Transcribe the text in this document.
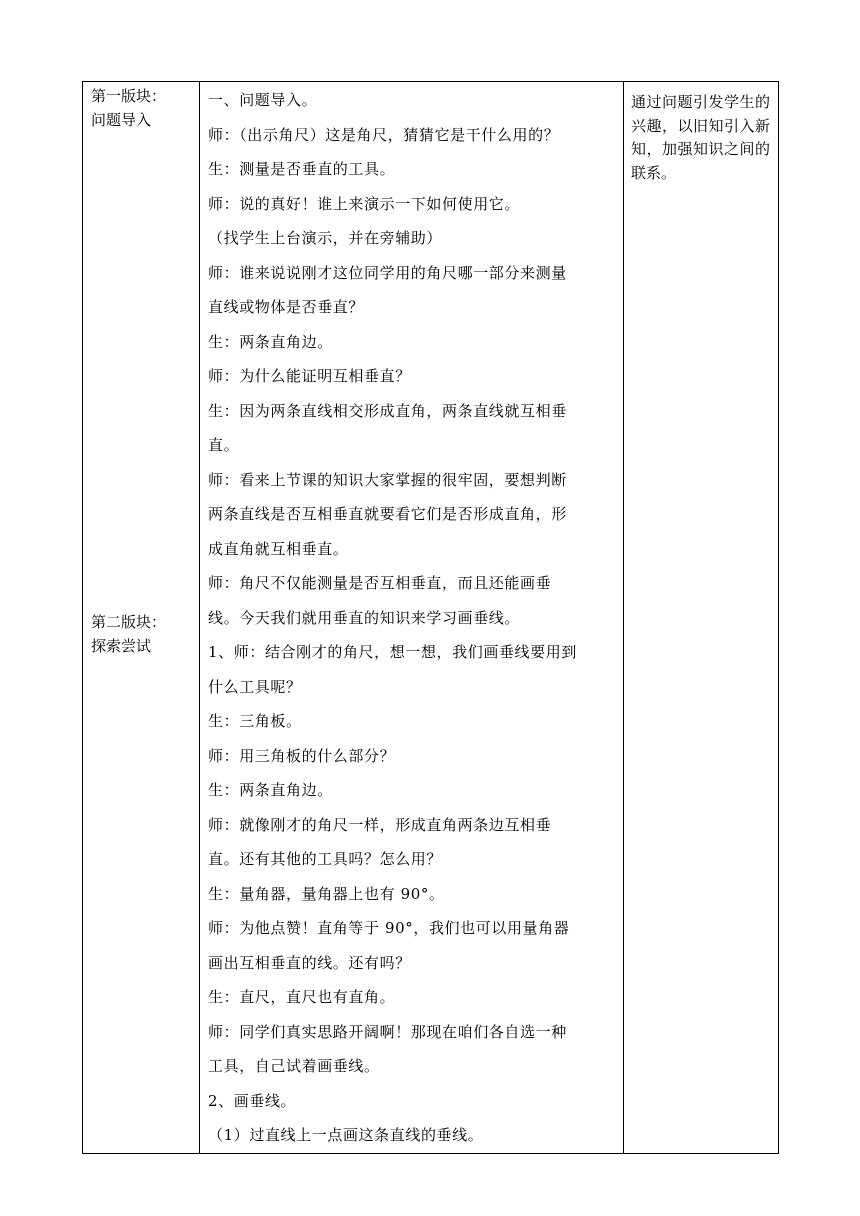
第一版块：
问题导入
第二版块：
探索尝试

一、问题导入。
师：（出示角尺）这是角尺，猜猜它是干什么用的？
生：测量是否垂直的工具。
师：说的真好！谁上来演示一下如何使用它。
（找学生上台演示，并在旁辅助）
师：谁来说说刚才这位同学用的角尺哪一部分来测量
直线或物体是否垂直？
生：两条直角边。
师：为什么能证明互相垂直？
生：因为两条直线相交形成直角，两条直线就互相垂
直。
师：看来上节课的知识大家掌握的很牢固，要想判断
两条直线是否互相垂直就要看它们是否形成直角，形
成直角就互相垂直。
师：角尺不仅能测量是否互相垂直，而且还能画垂
线。今天我们就用垂直的知识来学习画垂线。
1、师：结合刚才的角尺，想一想，我们画垂线要用到
什么工具呢？
生：三角板。
师：用三角板的什么部分？
生：两条直角边。
师：就像刚才的角尺一样，形成直角两条边互相垂
直。还有其他的工具吗？怎么用？
生：量角器，量角器上也有 90°。
师：为他点赞！直角等于 90°，我们也可以用量角器
画出互相垂直的线。还有吗？
生：直尺，直尺也有直角。
师：同学们真实思路开阔啊！那现在咱们各自选一种
工具，自己试着画垂线。
2、画垂线。
（1）过直线上一点画这条直线的垂线。

通过问题引发学生的兴趣，以旧知引入新知，加强知识之间的联系。
